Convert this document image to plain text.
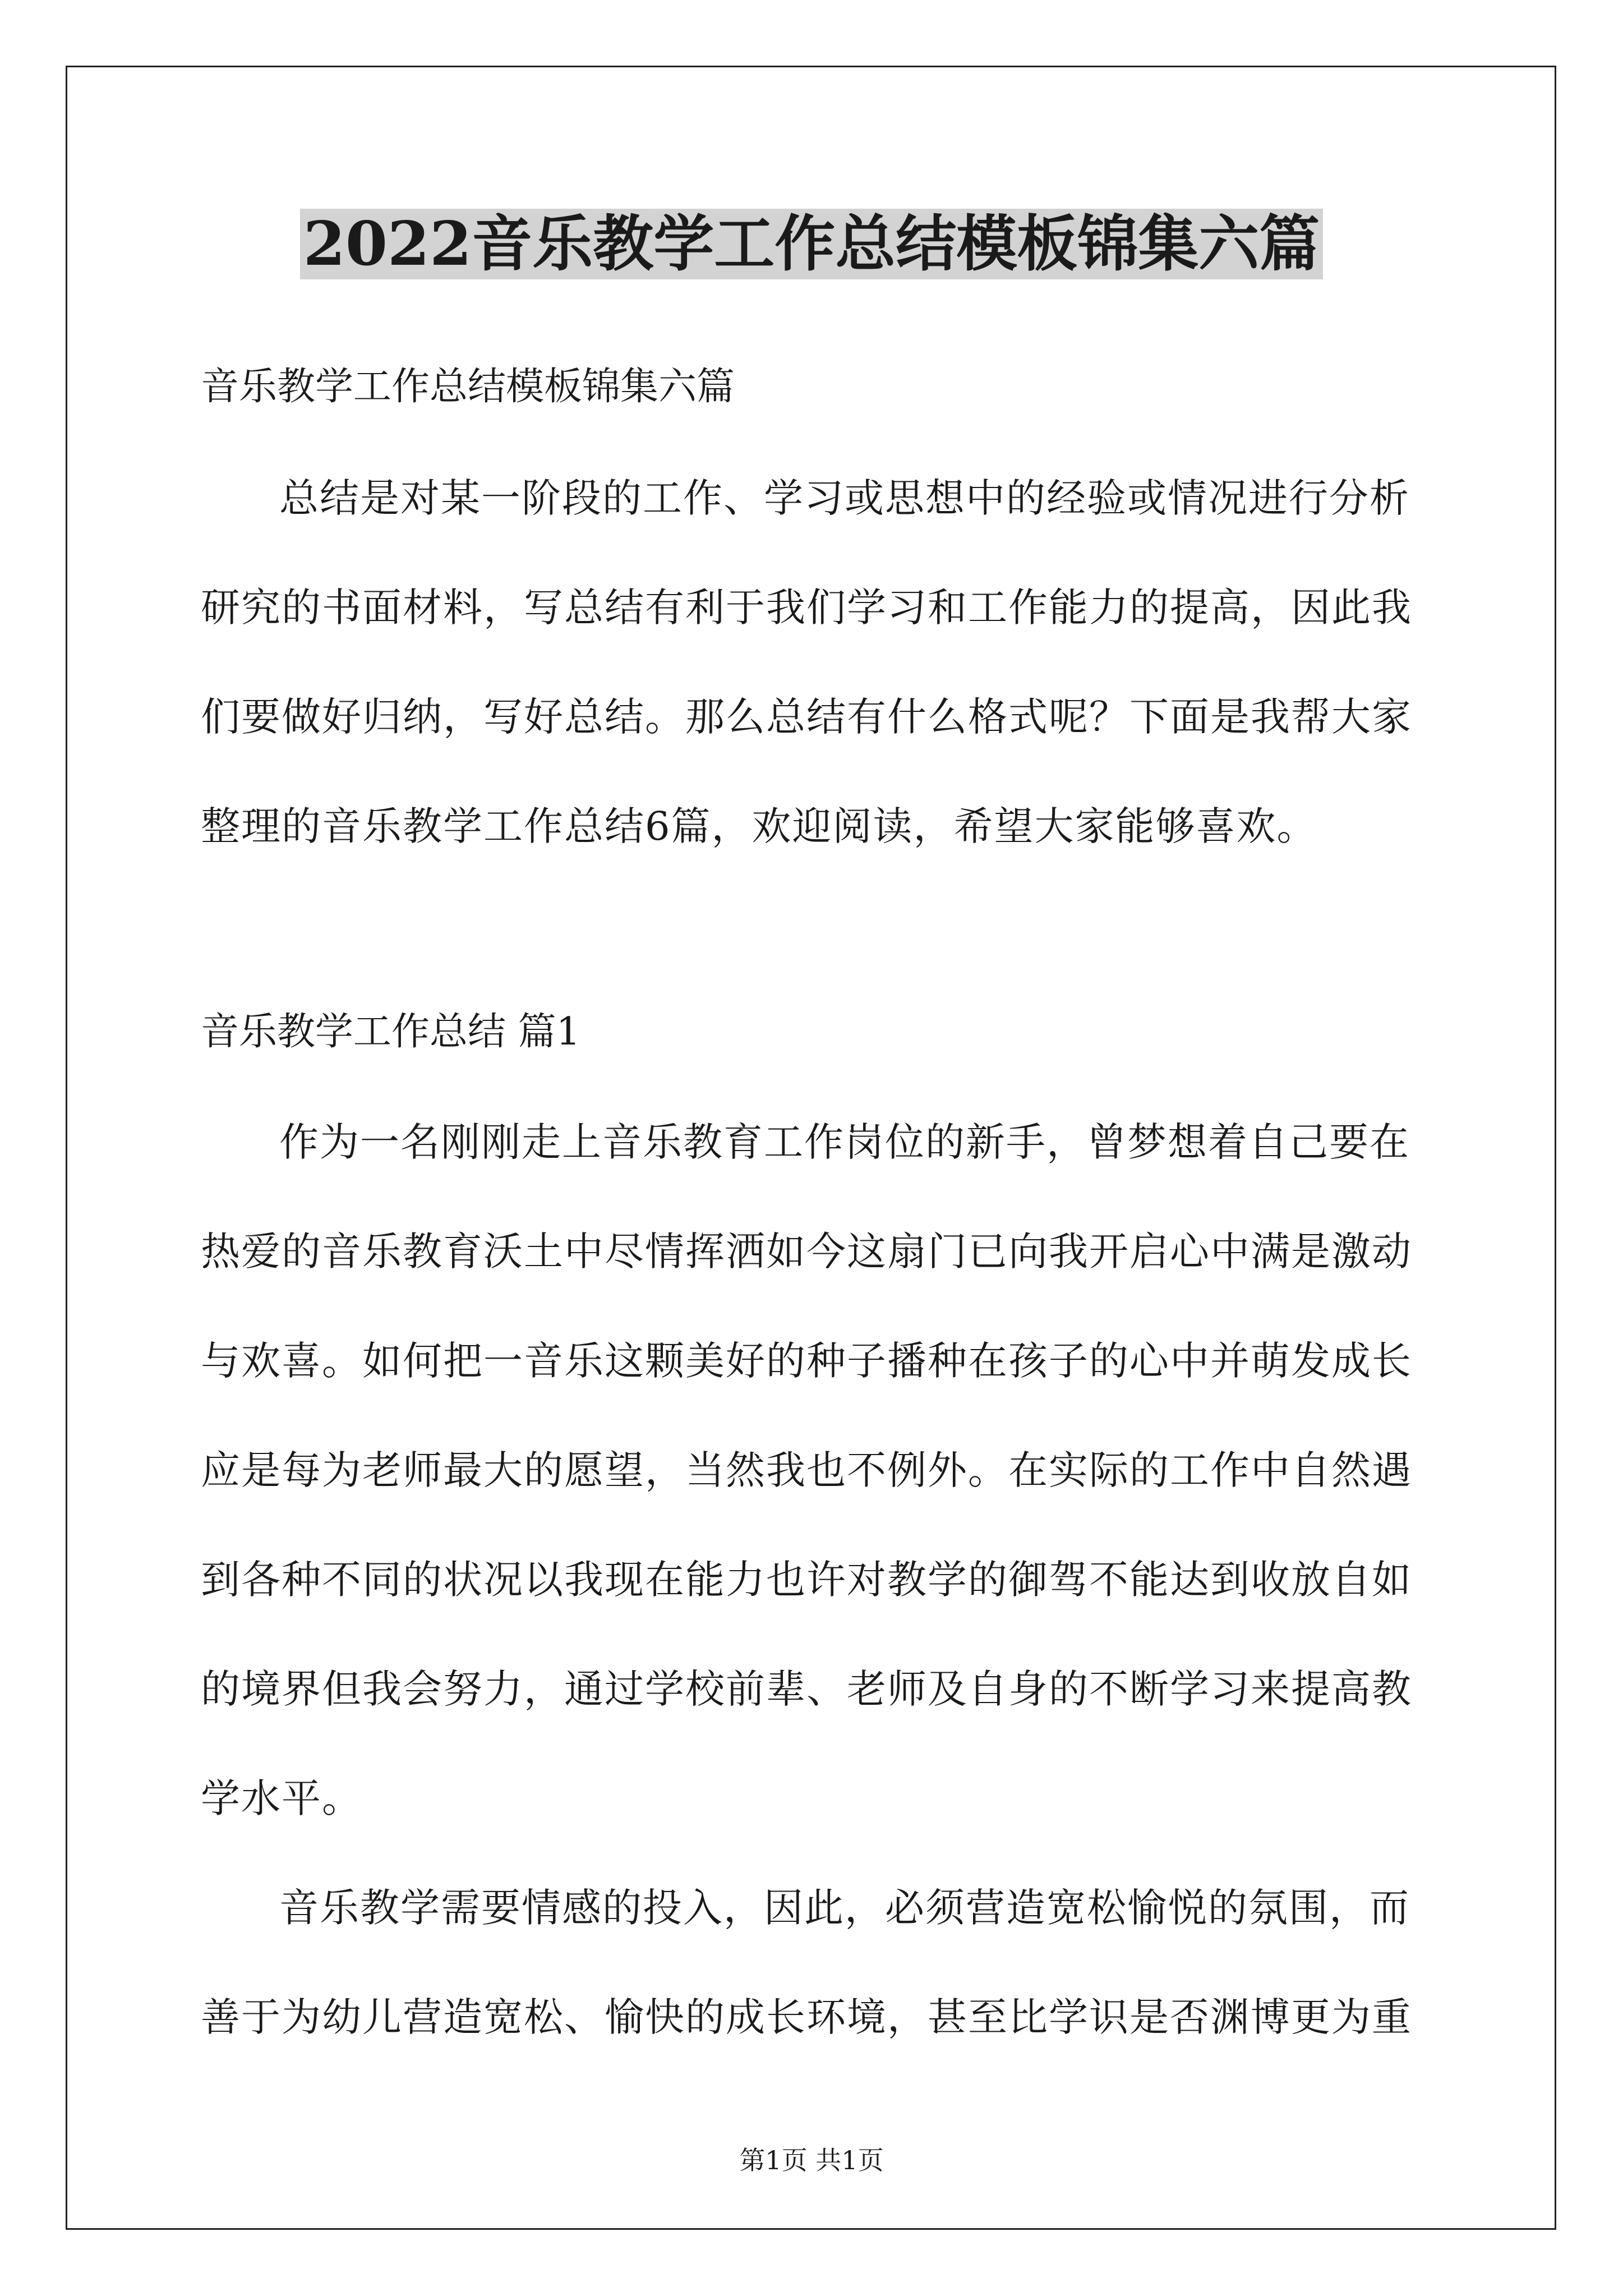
2022音乐教学工作总结模板锦集六篇

音乐教学工作总结模板锦集六篇

总结是对某一阶段的工作、学习或思想中的经验或情况进行分析

研究的书面材料，写总结有利于我们学习和工作能力的提高，因此我

们要做好归纳，写好总结。那么总结有什么格式呢？下面是我帮大家

整理的音乐教学工作总结6篇，欢迎阅读，希望大家能够喜欢。

音乐教学工作总结 篇1

作为一名刚刚走上音乐教育工作岗位的新手，曾梦想着自己要在

热爱的音乐教育沃土中尽情挥洒如今这扇门已向我开启心中满是激动

与欢喜。如何把一音乐这颗美好的种子播种在孩子的心中并萌发成长

应是每为老师最大的愿望，当然我也不例外。在实际的工作中自然遇

到各种不同的状况以我现在能力也许对教学的御驾不能达到收放自如

的境界但我会努力，通过学校前辈、老师及自身的不断学习来提高教

学水平。

音乐教学需要情感的投入，因此，必须营造宽松愉悦的氛围，而

善于为幼儿营造宽松、愉快的成长环境，甚至比学识是否渊博更为重

第1页 共1页
